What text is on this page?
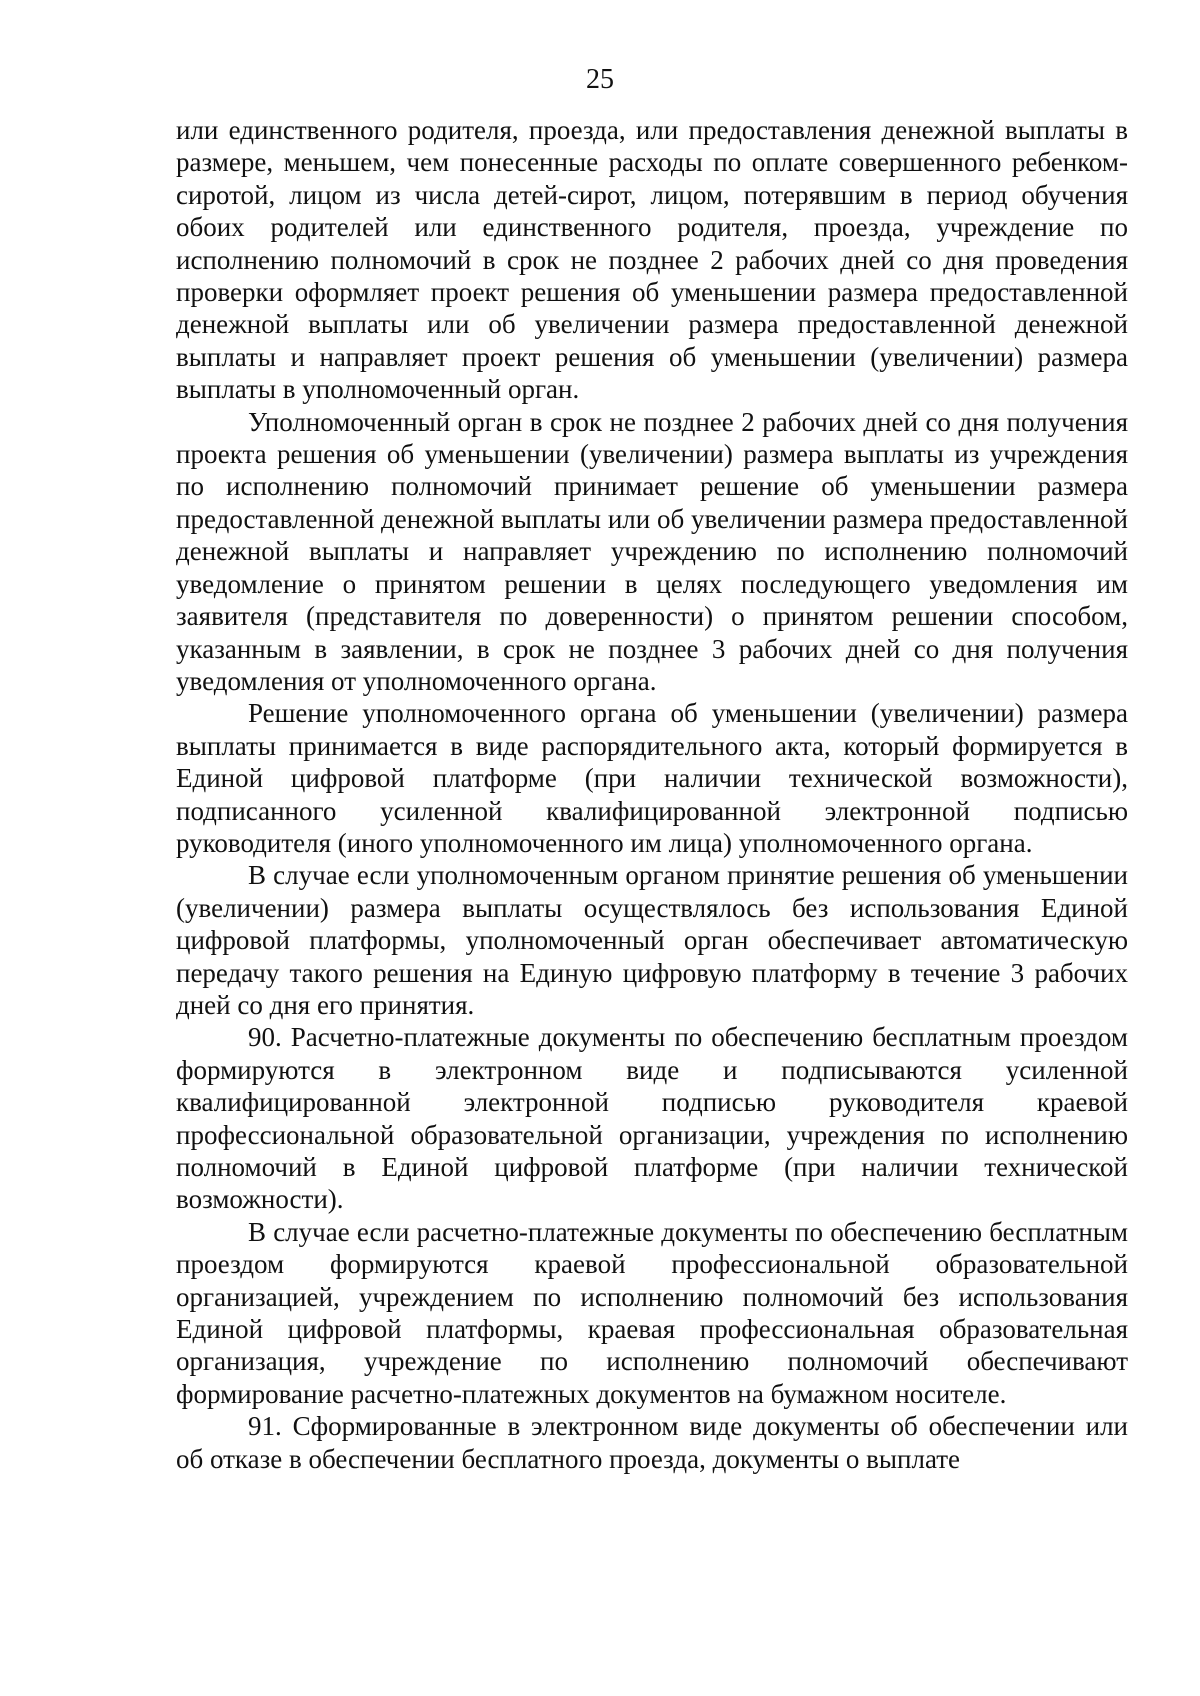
25

или единственного родителя, проезда, или предоставления денежной выплаты в размере, меньшем, чем понесенные расходы по оплате совершенного ребенком-сиротой, лицом из числа детей-сирот, лицом, потерявшим в период обучения обоих родителей или единственного родителя, проезда, учреждение по исполнению полномочий в срок не позднее 2 рабочих дней со дня проведения проверки оформляет проект решения об уменьшении размера предоставленной денежной выплаты или об увеличении размера предоставленной денежной выплаты и направляет проект решения об уменьшении (увеличении) размера выплаты в уполномоченный орган.

Уполномоченный орган в срок не позднее 2 рабочих дней со дня получения проекта решения об уменьшении (увеличении) размера выплаты из учреждения по исполнению полномочий принимает решение об уменьшении размера предоставленной денежной выплаты или об увеличении размера предоставленной денежной выплаты и направляет учреждению по исполнению полномочий уведомление о принятом решении в целях последующего уведомления им заявителя (представителя по доверенности) о принятом решении способом, указанным в заявлении, в срок не позднее 3 рабочих дней со дня получения уведомления от уполномоченного органа.

Решение уполномоченного органа об уменьшении (увеличении) размера выплаты принимается в виде распорядительного акта, который формируется в Единой цифровой платформе (при наличии технической возможности), подписанного усиленной квалифицированной электронной подписью руководителя (иного уполномоченного им лица) уполномоченного органа.

В случае если уполномоченным органом принятие решения об уменьшении (увеличении) размера выплаты осуществлялось без использования Единой цифровой платформы, уполномоченный орган обеспечивает автоматическую передачу такого решения на Единую цифровую платформу в течение 3 рабочих дней со дня его принятия.

90. Расчетно-платежные документы по обеспечению бесплатным проездом формируются в электронном виде и подписываются усиленной квалифицированной электронной подписью руководителя краевой профессиональной образовательной организации, учреждения по исполнению полномочий в Единой цифровой платформе (при наличии технической возможности).

В случае если расчетно-платежные документы по обеспечению бесплатным проездом формируются краевой профессиональной образовательной организацией, учреждением по исполнению полномочий без использования Единой цифровой платформы, краевая профессиональная образовательная организация, учреждение по исполнению полномочий обеспечивают формирование расчетно-платежных документов на бумажном носителе.

91. Сформированные в электронном виде документы об обеспечении или об отказе в обеспечении бесплатного проезда, документы о выплате
